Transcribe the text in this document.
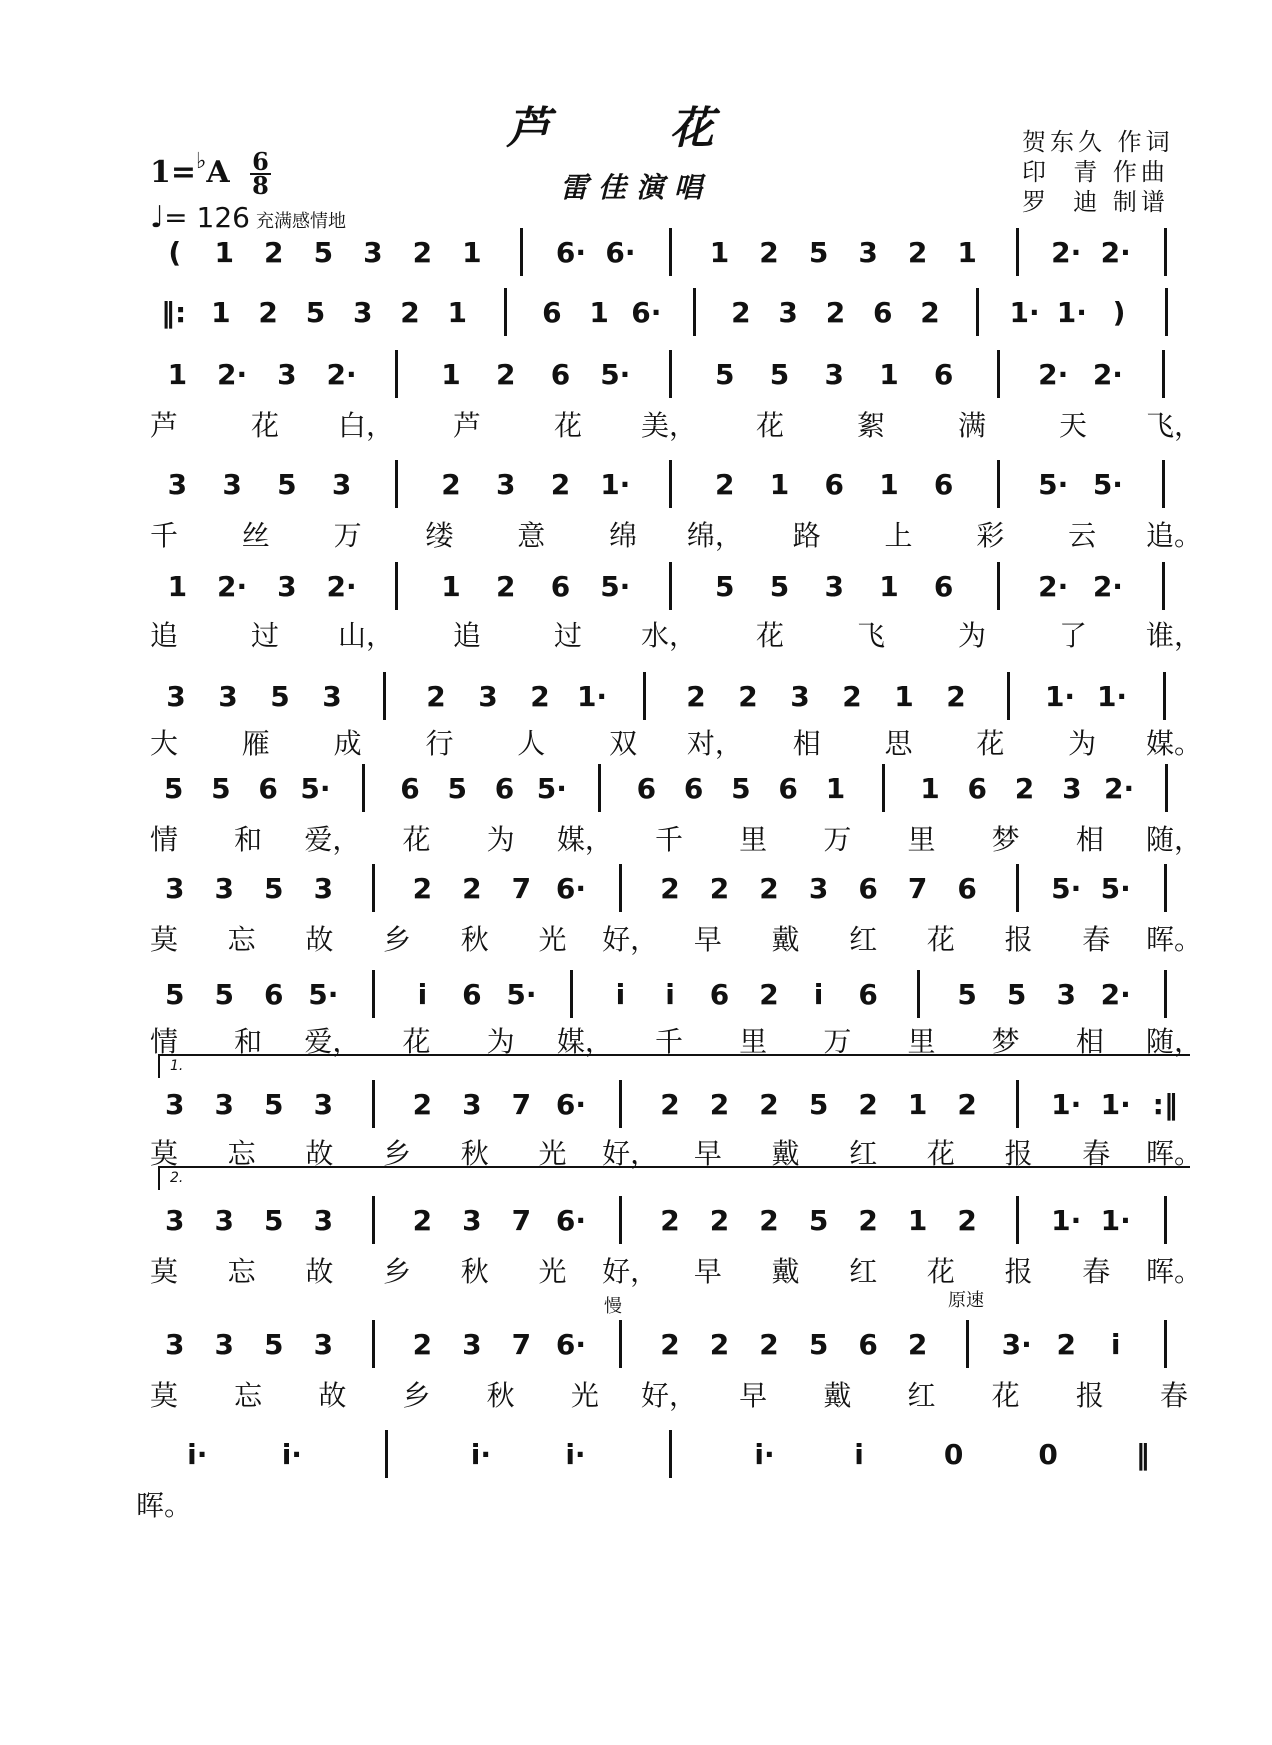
芦 花
雷佳演唱
$1=^♭A \frac{6}{8}$
♩= 126 充满感情地
贺东久 作词
印  青 作曲
罗  迪 制谱
( 1 2 5 3 2 1	6· 6·	1 2 5 3 2 1	2· 2·
‖: 1 2 5 3 2 1	6 1 6· 2 3 2 6 2 1· 1· )
1 2· 3 2·	1 2 6 5·	5 5 3 1 6	2· 2·
芦	花 白， 芦	花 美， 花	絮	满	天 飞，
3 3 5 3	2 3 2 1·	2 1 6 1 6	5· 5·
千 丝 万 缕 意 绵 绵， 路 上 彩 云 追。
1 2· 3 2·	1 2 6 5·	5 5 3 1 6	2· 2·
追	过 山， 追	过 水， 花	飞	为	了 谁，
3 3 5 3	2 3 2 1·	2 2 3 2 1 2	1· 1·
大 雁 成 行 人 双 对， 相 思 花 为 媒。
5 5 6 5· 6 5 6 5· 6 6 5 6 1	1 6 2 3 2·
情 和 爱， 花 为 媒， 千 里 万 里 梦 相 随，
3 3 5 3	2 2 7 6·	2 2 2 3 6 7 6	5· 5·
莫 忘 故 乡 秋 光 好， 早 戴 红 花 报 春 晖。
5 5 6 5·	i 6 5·	i i 6 2 i 6	5 5 3 2·
情 和 爱， 花 为 媒， 千 里 万 里 梦 相 随，
3 3 5 3	2 3 7 6·	2 2 2 5 2 1 2	1· 1· :‖
莫 忘 故 乡 秋 光 好， 早 戴 红 花 报 春 晖。
3 3 5 3	2 3 7 6·	2 2 2 5 2 1 2	1· 1·
莫 忘 故 乡 秋 光 好， 早 戴 红 花 报 春 晖。
3 3 5 3	2 3 7 6·	2 2 2 5 6 2	3· 2 i
莫 忘 故 乡 秋 光 好， 早 戴 红 花 报 春
i·	i·	i·	i·	i·	i	0	0	‖
晖。
1.
2.
慢	原速
